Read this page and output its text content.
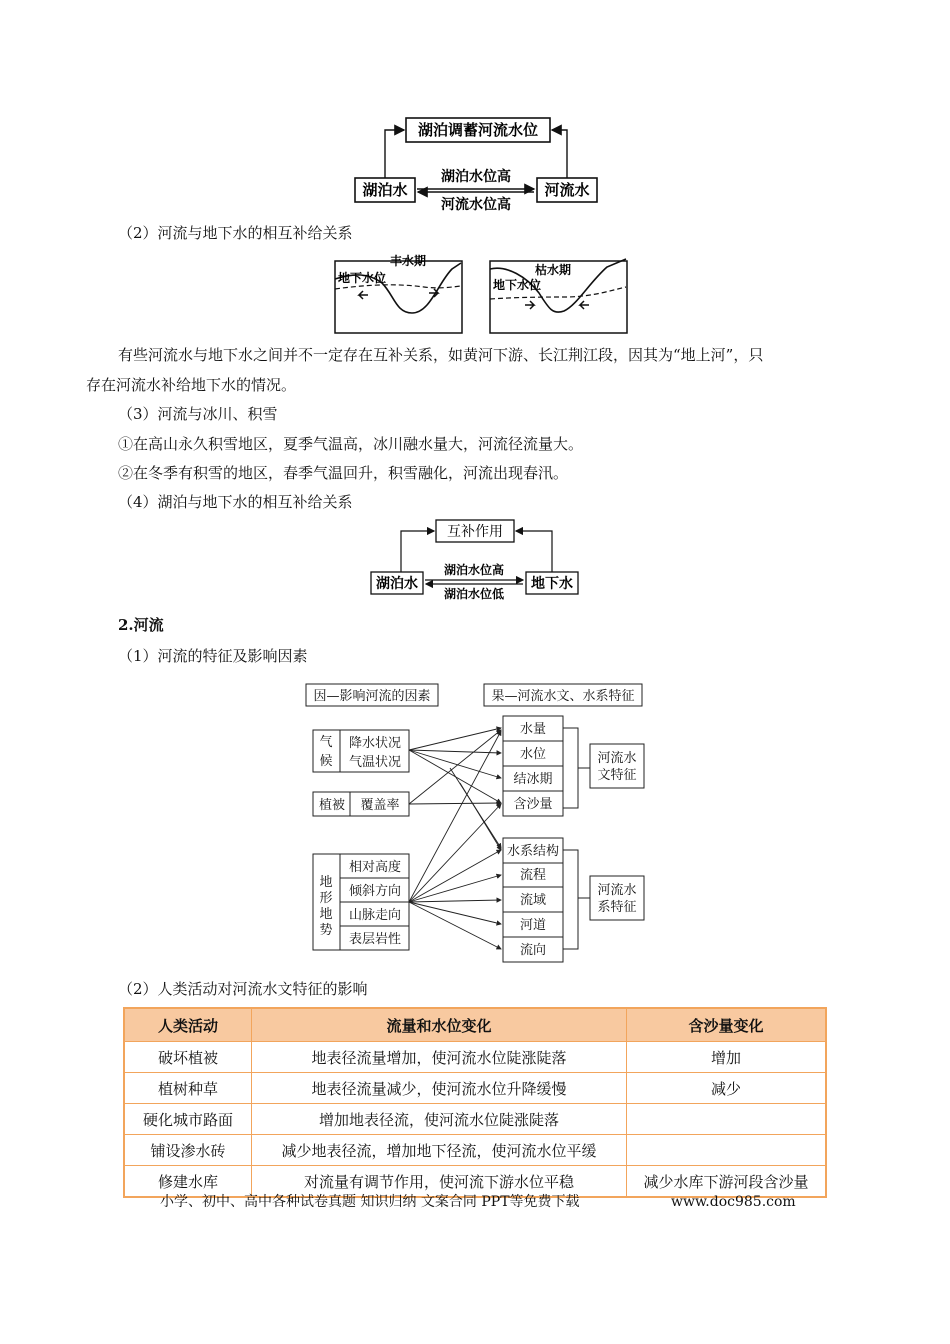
湖泊调蓄河流水位
湖泊水	河流水
湖泊水位高
河流水位高
（2）河流与地下水的相互补给关系
丰水期
地下水位
枯水期
地下水位
有些河流水与地下水之间并不一定存在互补关系，如黄河下游、长江荆江段，因其为“地上河”，只
存在河流水补给地下水的情况。
（3）河流与冰川、积雪
①在高山永久积雪地区，夏季气温高，冰川融水量大，河流径流量大。
②在冬季有积雪的地区，春季气温回升，积雪融化，河流出现春汛。
（4）湖泊与地下水的相互补给关系
互补作用
湖泊水	地下水
湖泊水位高
湖泊水位低
2.河流
（1）河流的特征及影响因素
因—影响河流的因素	果—河流水文、水系特征
气
候
降水状况
气温状况
植被 覆盖率
地
形
地
势
相对高度
倾斜方向
山脉走向
表层岩性
水量
水位
结冰期
含沙量
水系结构
流程
流域
河道
流向
河流水
文特征
河流水
系特征
（2）人类活动对河流水文特征的影响
人类活动	流量和水位变化	含沙量变化
破坏植被	地表径流量增加，使河流水位陡涨陡落	增加
植树种草	地表径流量减少，使河流水位升降缓慢	减少
硬化城市路面	增加地表径流，使河流水位陡涨陡落	
铺设渗水砖	减少地表径流，增加地下径流，使河流水位平缓	
修建水库	对流量有调节作用，使河流下游水位平稳	减少水库下游河段含沙量
小学、初中、高中各种试卷真题 知识归纳 文案合同 PPT等免费下载	www.doc985.com
